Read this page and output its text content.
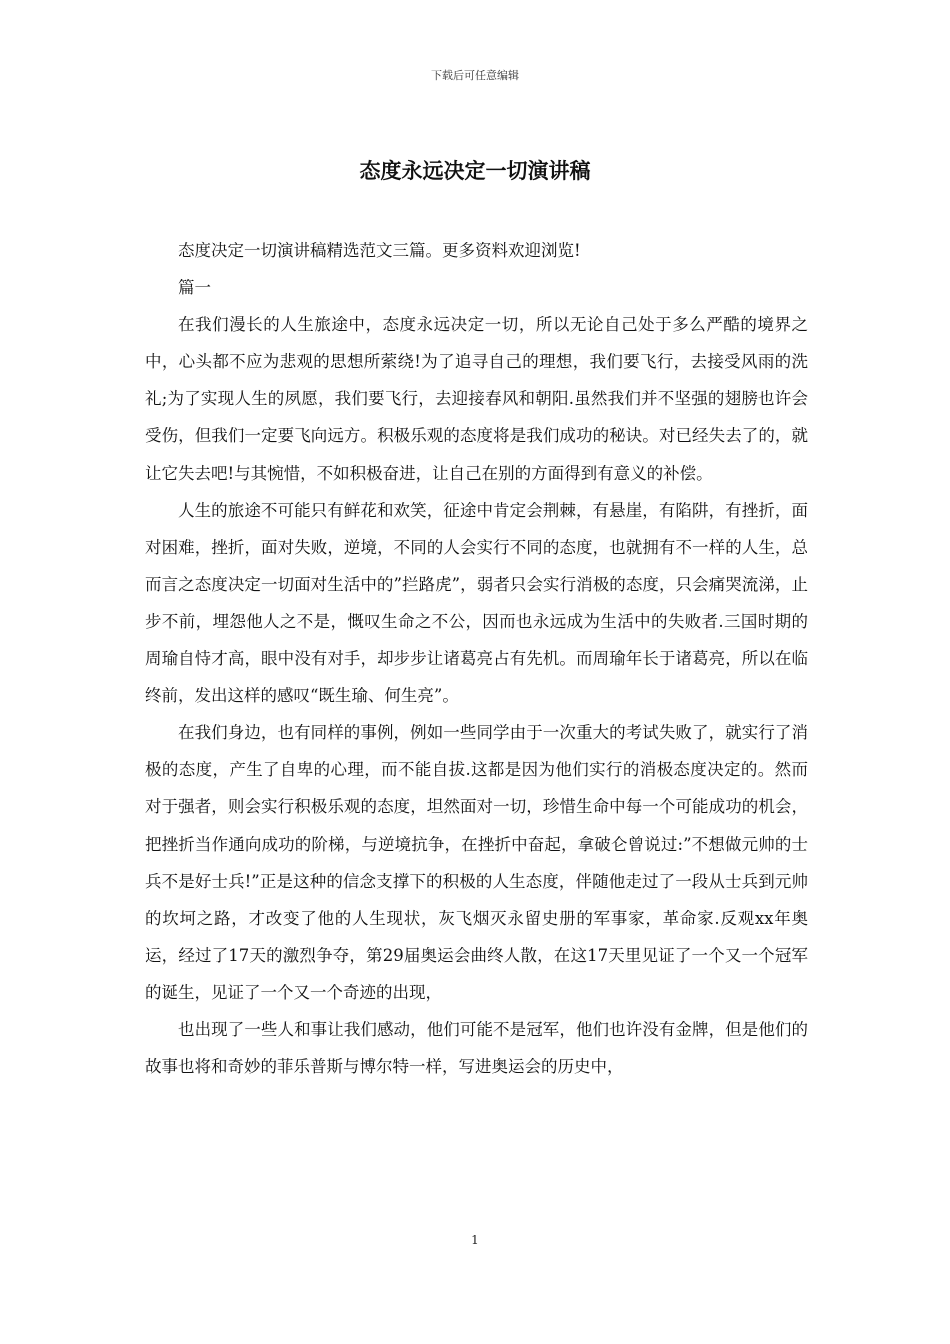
下载后可任意编辑
态度永远决定一切演讲稿

态度决定一切演讲稿精选范文三篇。更多资料欢迎浏览!

篇一

在我们漫长的人生旅途中，态度永远决定一切，所以无论自己处于多么严酷的境界之中，心头都不应为悲观的思想所萦绕!为了追寻自己的理想，我们要飞行，去接受风雨的洗礼;为了实现人生的夙愿，我们要飞行，去迎接春风和朝阳.虽然我们并不坚强的翅膀也许会受伤，但我们一定要飞向远方。积极乐观的态度将是我们成功的秘诀。对已经失去了的，就让它失去吧!与其惋惜，不如积极奋进，让自己在别的方面得到有意义的补偿。

人生的旅途不可能只有鲜花和欢笑，征途中肯定会荆棘，有悬崖，有陷阱，有挫折，面对困难，挫折，面对失败，逆境，不同的人会实行不同的态度，也就拥有不一样的人生，总而言之态度决定一切面对生活中的”拦路虎”，弱者只会实行消极的态度，只会痛哭流涕，止步不前，埋怨他人之不是，慨叹生命之不公，因而也永远成为生活中的失败者.三国时期的周瑜自恃才高，眼中没有对手，却步步让诸葛亮占有先机。而周瑜年长于诸葛亮，所以在临终前，发出这样的感叹“既生瑜、何生亮”。

在我们身边，也有同样的事例，例如一些同学由于一次重大的考试失败了，就实行了消极的态度，产生了自卑的心理，而不能自拔.这都是因为他们实行的消极态度决定的。然而对于强者，则会实行积极乐观的态度，坦然面对一切，珍惜生命中每一个可能成功的机会，把挫折当作通向成功的阶梯，与逆境抗争，在挫折中奋起，拿破仑曾说过:”不想做元帅的士兵不是好士兵!”正是这种的信念支撑下的积极的人生态度，伴随他走过了一段从士兵到元帅的坎坷之路，才改变了他的人生现状，灰飞烟灭永留史册的军事家，革命家.反观xx年奥运，经过了17天的激烈争夺，第29届奥运会曲终人散，在这17天里见证了一个又一个冠军的诞生，见证了一个又一个奇迹的出现，

也出现了一些人和事让我们感动，他们可能不是冠军，他们也许没有金牌，但是他们的故事也将和奇妙的菲乐普斯与博尔特一样，写进奥运会的历史中，

1
